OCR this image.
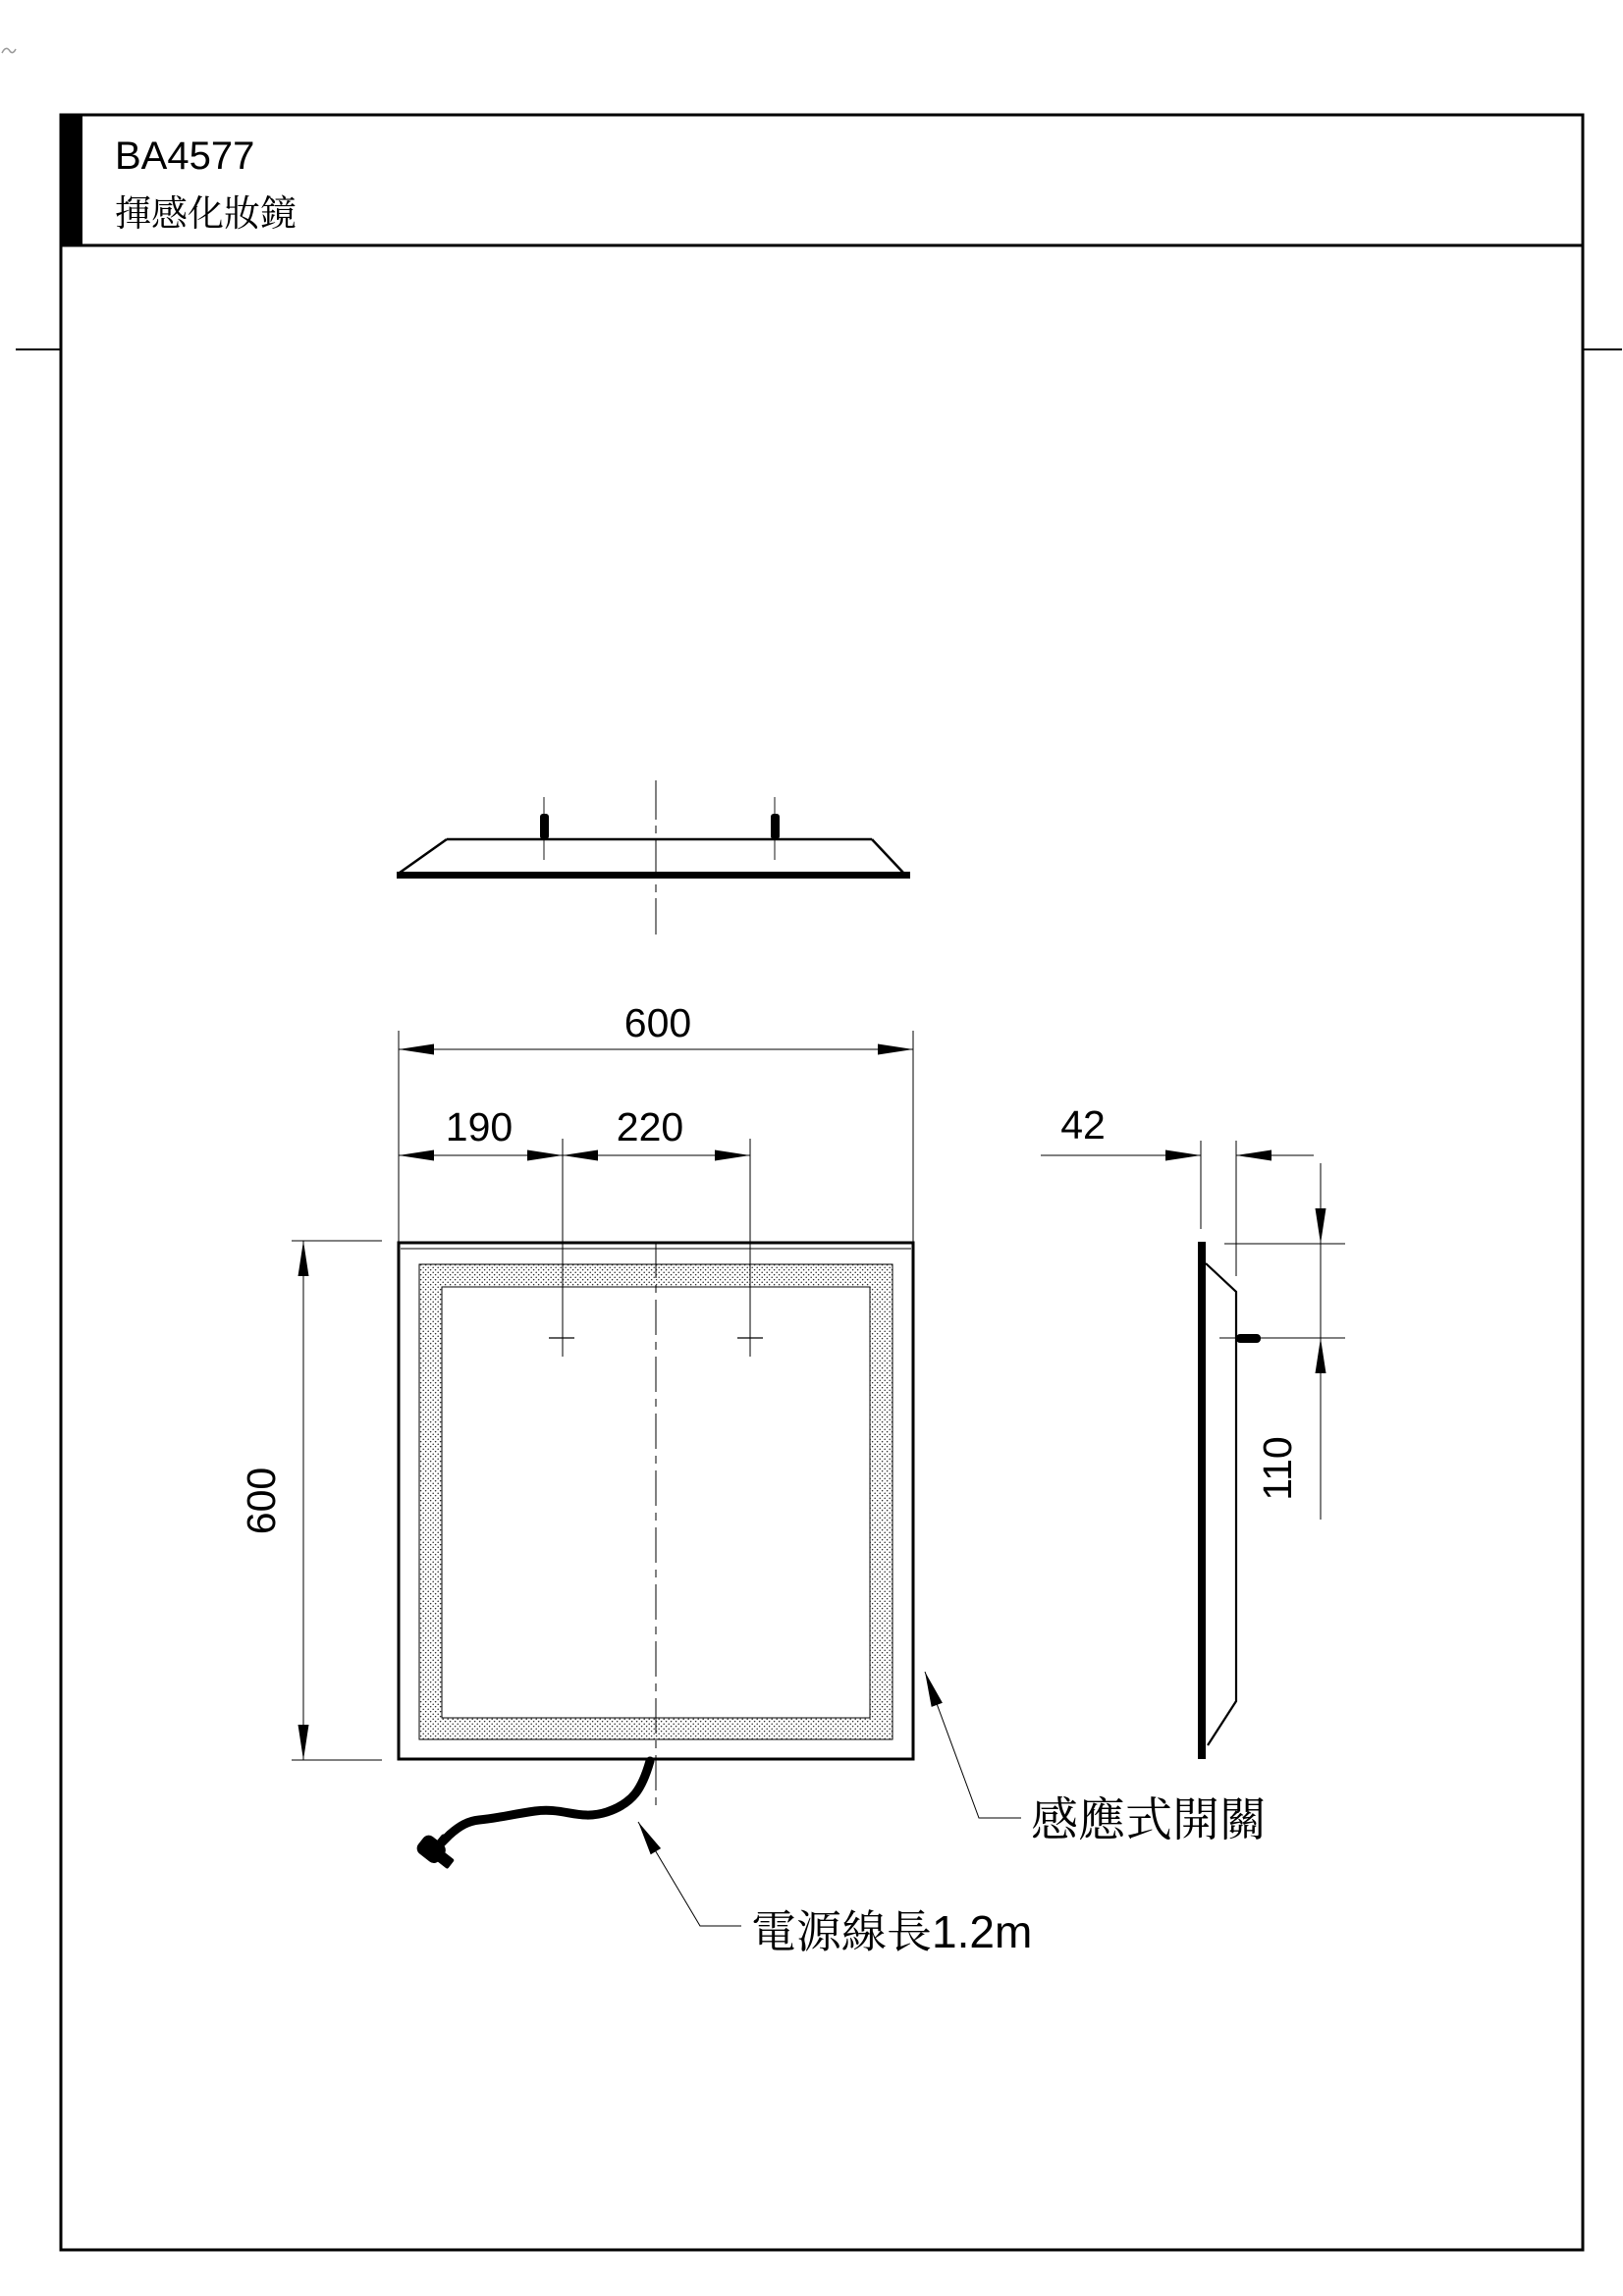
BA4577
揮感化妝鏡
600
190	220
600
42
110
感應式開關
電源線長1.2m
